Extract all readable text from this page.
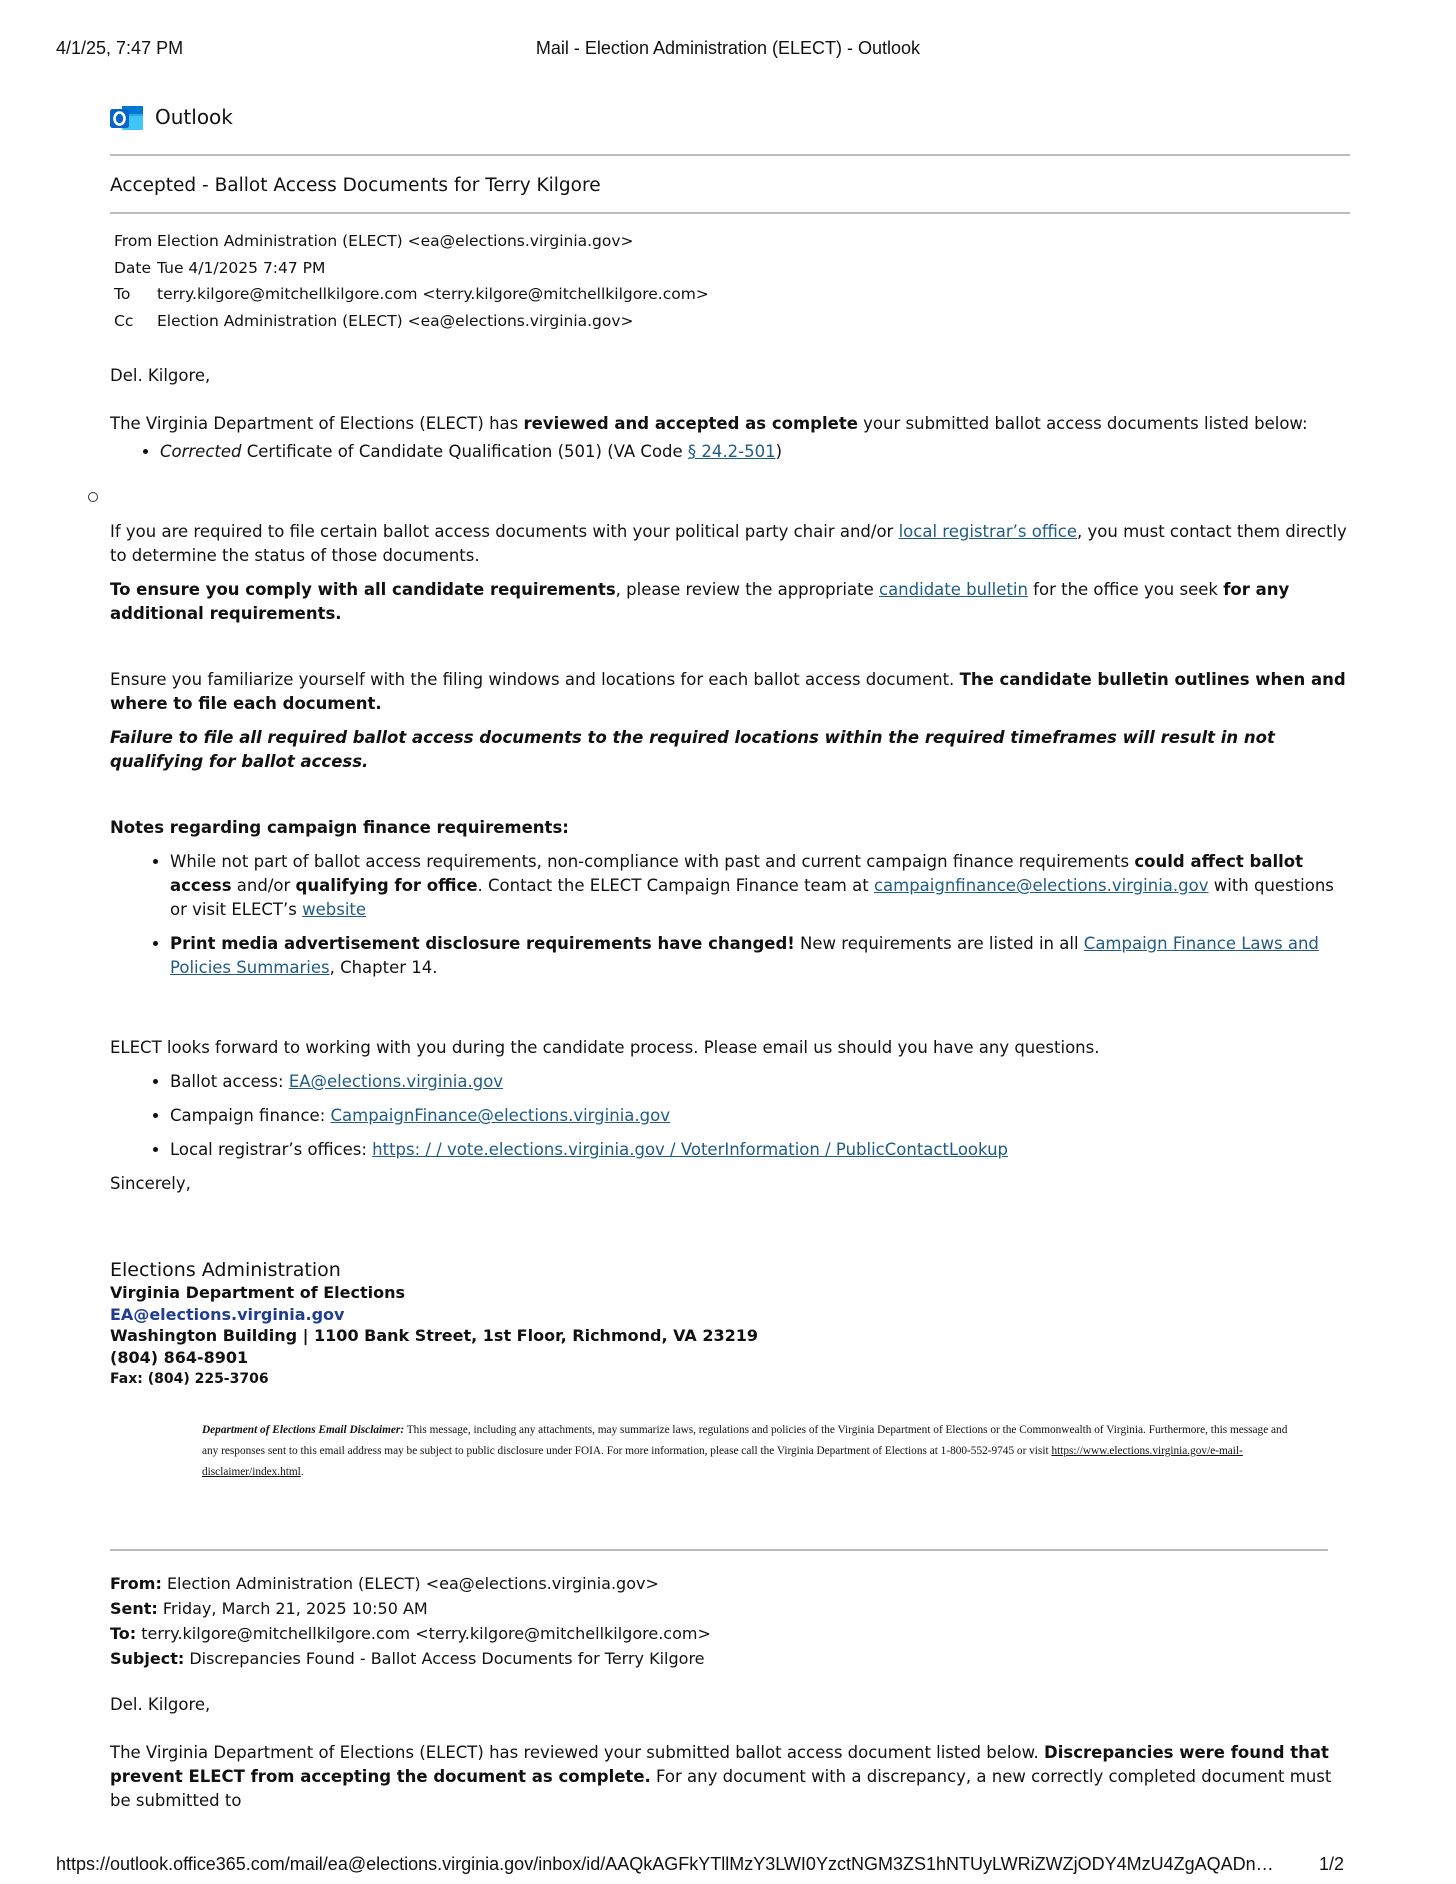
4/1/25, 7:47 PM	Mail - Election Administration (ELECT) - Outlook
Outlook
Accepted - Ballot Access Documents for Terry Kilgore
From Election Administration (ELECT) <ea@elections.virginia.gov>
Date Tue 4/1/2025 7:47 PM
To	terry.kilgore@mitchellkilgore.com <terry.kilgore@mitchellkilgore.com>
Cc	Election Administration (ELECT) <ea@elections.virginia.gov>

Del. Kilgore,

The Virginia Department of Elections (ELECT) has reviewed and accepted as complete your submitted ballot access documents listed below:

• Corrected Certificate of Candidate Qualification (501) (VA Code § 24.2-501)

If you are required to file certain ballot access documents with your political party chair and/or local registrar’s office, you must contact them directly to determine the status of those documents.

To ensure you comply with all candidate requirements, please review the appropriate candidate bulletin for the office you seek for any additional requirements.

Ensure you familiarize yourself with the filing windows and locations for each ballot access document. The candidate bulletin outlines when and where to file each document.

Failure to file all required ballot access documents to the required locations within the required timeframes will result in not qualifying for ballot access.

Notes regarding campaign finance requirements:

• While not part of ballot access requirements, non-compliance with past and current campaign finance requirements could affect ballot access and/or qualifying for office. Contact the ELECT Campaign Finance team at campaignfinance@elections.virginia.gov with questions or visit ELECT’s website
• Print media advertisement disclosure requirements have changed! New requirements are listed in all Campaign Finance Laws and Policies Summaries, Chapter 14.

ELECT looks forward to working with you during the candidate process. Please email us should you have any questions.

• Ballot access: EA@elections.virginia.gov
• Campaign finance: CampaignFinance@elections.virginia.gov
• Local registrar’s offices: https: / / vote.elections.virginia.gov / VoterInformation / PublicContactLookup

Sincerely,

Elections Administration
Virginia Department of Elections
EA@elections.virginia.gov
Washington Building | 1100 Bank Street, 1st Floor, Richmond, VA 23219
(804) 864-8901
Fax: (804) 225-3706
Department of Elections Email Disclaimer: This message, including any attachments, may summarize laws, regulations and policies of the Virginia Department of Elections or the Commonwealth of Virginia. Furthermore, this message and any responses sent to this email address may be subject to public disclosure under FOIA. For more information, please call the Virginia Department of Elections at 1-800-552-9745 or visit https://www.elections.virginia.gov/e-mail-disclaimer/index.html.
From: Election Administration (ELECT) <ea@elections.virginia.gov>
Sent: Friday, March 21, 2025 10:50 AM
To: terry.kilgore@mitchellkilgore.com <terry.kilgore@mitchellkilgore.com>
Subject: Discrepancies Found - Ballot Access Documents for Terry Kilgore

Del. Kilgore,

The Virginia Department of Elections (ELECT) has reviewed your submitted ballot access document listed below. Discrepancies were found that prevent ELECT from accepting the document as complete. For any document with a discrepancy, a new correctly completed document must be submitted to

https://outlook.office365.com/mail/ea@elections.virginia.gov/inbox/id/AAQkAGFkYTllMzY3LWI0YzctNGM3ZS1hNTUyLWRiZWZjODY4MzU4ZgAQADn…	1/2
